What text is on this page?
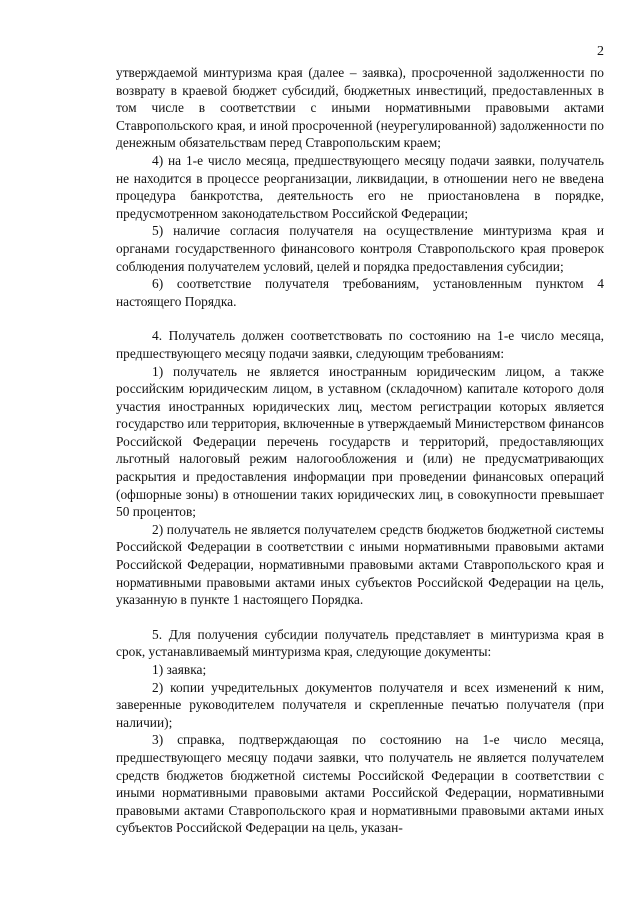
2

утверждаемой минтуризма края (далее – заявка), просроченной задолженности по возврату в краевой бюджет субсидий, бюджетных инвестиций, предоставленных в том числе в соответствии с иными нормативными правовыми актами Ставропольского края, и иной просроченной (неурегулированной) задолженности по денежным обязательствам перед Ставропольским краем;

4) на 1-е число месяца, предшествующего месяцу подачи заявки, получатель не находится в процессе реорганизации, ликвидации, в отношении него не введена процедура банкротства, деятельность его не приостановлена в порядке, предусмотренном законодательством Российской Федерации;

5) наличие согласия получателя на осуществление минтуризма края и органами государственного финансового контроля Ставропольского края проверок соблюдения получателем условий, целей и порядка предоставления субсидии;

6) соответствие получателя требованиям, установленным пунктом 4 настоящего Порядка.

4. Получатель должен соответствовать по состоянию на 1-е число месяца, предшествующего месяцу подачи заявки, следующим требованиям:

1) получатель не является иностранным юридическим лицом, а также российским юридическим лицом, в уставном (складочном) капитале которого доля участия иностранных юридических лиц, местом регистрации которых является государство или территория, включенные в утверждаемый Министерством финансов Российской Федерации перечень государств и территорий, предоставляющих льготный налоговый режим налогообложения и (или) не предусматривающих раскрытия и предоставления информации при проведении финансовых операций (офшорные зоны) в отношении таких юридических лиц, в совокупности превышает 50 процентов;

2) получатель не является получателем средств бюджетов бюджетной системы Российской Федерации в соответствии с иными нормативными правовыми актами Российской Федерации, нормативными правовыми актами Ставропольского края и нормативными правовыми актами иных субъектов Российской Федерации на цель, указанную в пункте 1 настоящего Порядка.

5. Для получения субсидии получатель представляет в минтуризма края в срок, устанавливаемый минтуризма края, следующие документы:

1) заявка;

2) копии учредительных документов получателя и всех изменений к ним, заверенные руководителем получателя и скрепленные печатью получателя (при наличии);

3) справка, подтверждающая по состоянию на 1-е число месяца, предшествующего месяцу подачи заявки, что получатель не является получателем средств бюджетов бюджетной системы Российской Федерации в соответствии с иными нормативными правовыми актами Российской Федерации, нормативными правовыми актами Ставропольского края и нормативными правовыми актами иных субъектов Российской Федерации на цель, указан-
